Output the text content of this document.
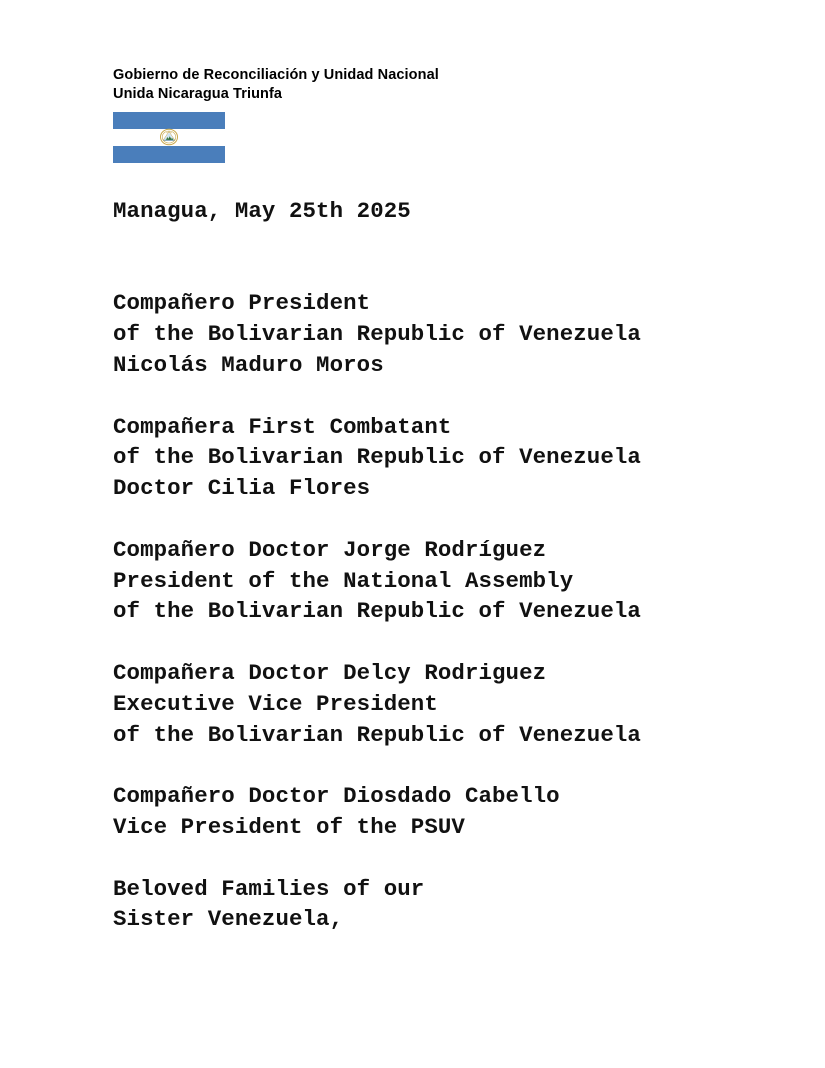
Gobierno de Reconciliación y Unidad Nacional
Unida Nicaragua Triunfa
Managua, May 25th 2025
Compañero President
of the Bolivarian Republic of Venezuela
Nicolás Maduro Moros
Compañera First Combatant
of the Bolivarian Republic of Venezuela
Doctor Cilia Flores
Compañero Doctor Jorge Rodríguez
President of the National Assembly
of the Bolivarian Republic of Venezuela
Compañera Doctor Delcy Rodriguez
Executive Vice President
of the Bolivarian Republic of Venezuela
Compañero Doctor Diosdado Cabello
Vice President of the PSUV
Beloved Families of our
Sister Venezuela,
